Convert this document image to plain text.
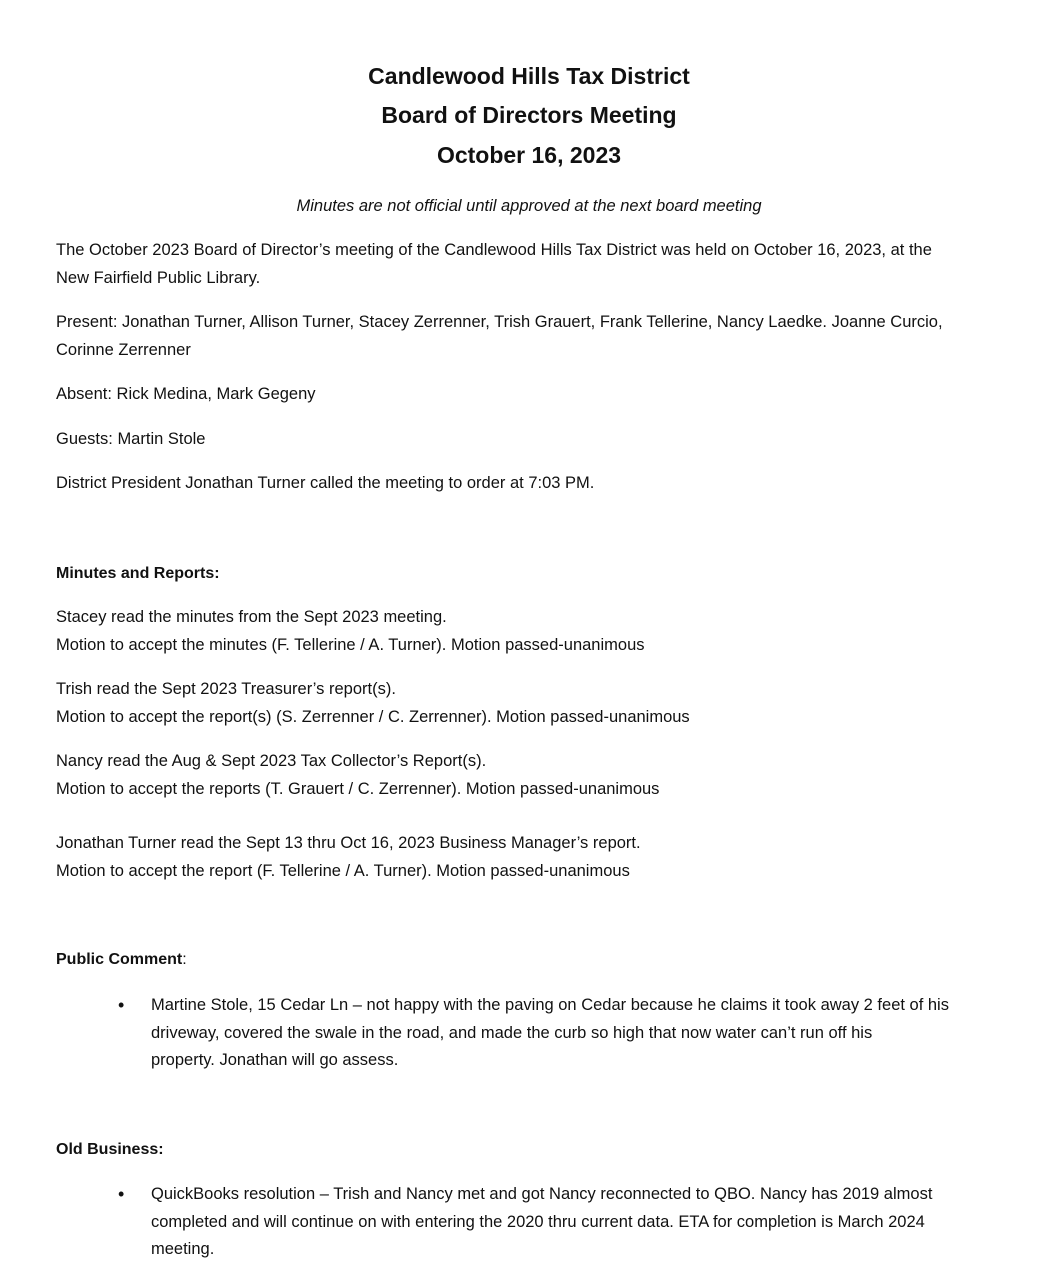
Candlewood Hills Tax District
Board of Directors Meeting
October 16, 2023

Minutes are not official until approved at the next board meeting

The October 2023 Board of Director’s meeting of the Candlewood Hills Tax District was held on October 16, 2023, at the
New Fairfield Public Library.

Present: Jonathan Turner, Allison Turner, Stacey Zerrenner, Trish Grauert, Frank Tellerine, Nancy Laedke. Joanne Curcio,
Corinne Zerrenner

Absent: Rick Medina, Mark Gegeny

Guests: Martin Stole

District President Jonathan Turner called the meeting to order at 7:03 PM.

Minutes and Reports:

Stacey read the minutes from the Sept 2023 meeting.
Motion to accept the minutes (F. Tellerine / A. Turner). Motion passed-unanimous

Trish read the Sept 2023 Treasurer’s report(s).
Motion to accept the report(s) (S. Zerrenner / C. Zerrenner). Motion passed-unanimous

Nancy read the Aug & Sept 2023 Tax Collector’s Report(s).
Motion to accept the reports (T. Grauert / C. Zerrenner). Motion passed-unanimous

Jonathan Turner read the Sept 13 thru Oct 16, 2023 Business Manager’s report.
Motion to accept the report (F. Tellerine / A. Turner). Motion passed-unanimous

Public Comment:
• Martine Stole, 15 Cedar Ln – not happy with the paving on Cedar because he claims it took away 2 feet of his
driveway, covered the swale in the road, and made the curb so high that now water can’t run off his
property. Jonathan will go assess.

Old Business:
• QuickBooks resolution – Trish and Nancy met and got Nancy reconnected to QBO. Nancy has 2019 almost
completed and will continue on with entering the 2020 thru current data. ETA for completion is March 2024
meeting.
